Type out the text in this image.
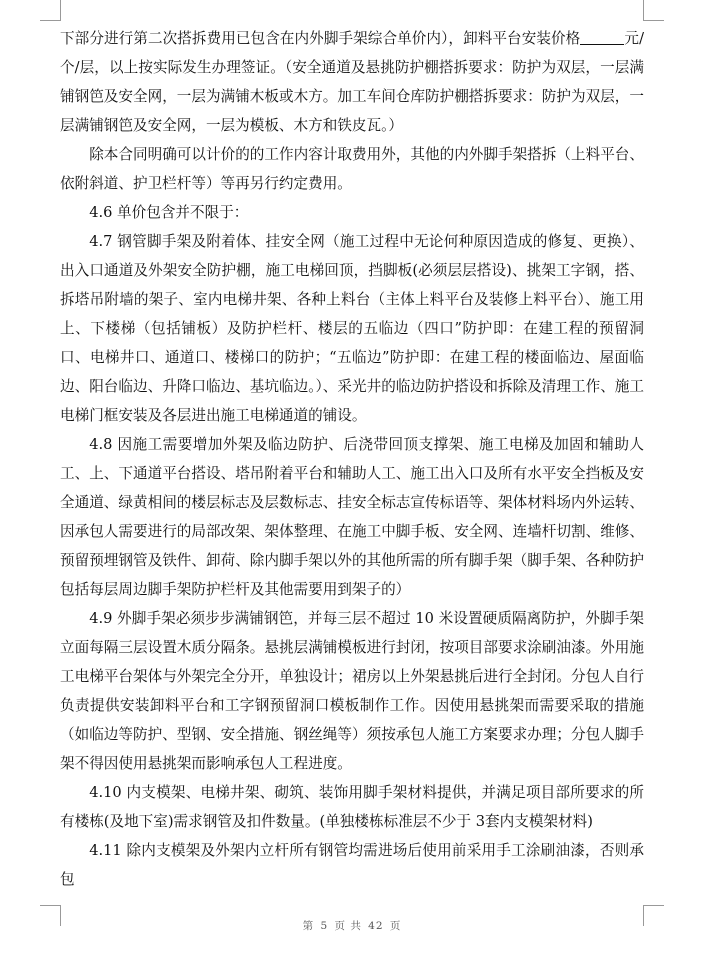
下部分进行第二次搭拆费用已包含在内外脚手架综合单价内），卸料平台安装价格	元/个/层，以上按实际发生办理签证。（安全通道及悬挑防护棚搭拆要求：防护为双层，一层满铺钢笆及安全网，一层为满铺木板或木方。加工车间仓库防护棚搭拆要求：防护为双层，一层满铺钢笆及安全网，一层为模板、木方和铁皮瓦。）

除本合同明确可以计价的的工作内容计取费用外，其他的内外脚手架搭拆（上料平台、依附斜道、护卫栏杆等）等再另行约定费用。

4.6 单价包含并不限于：

4.7 钢管脚手架及附着体、挂安全网（施工过程中无论何种原因造成的修复、更换）、出入口通道及外架安全防护棚，施工电梯回顶，挡脚板(必须层层搭设)、挑架工字钢，搭、拆塔吊附墙的架子、室内电梯井架、各种上料台（主体上料平台及装修上料平台）、施工用上、下楼梯（包括铺板）及防护栏杆、楼层的五临边（四口”防护即：在建工程的预留洞口、电梯井口、通道口、楼梯口的防护；“五临边”防护即：在建工程的楼面临边、屋面临边、阳台临边、升降口临边、基坑临边。）、采光井的临边防护搭设和拆除及清理工作、施工电梯门框安装及各层进出施工电梯通道的铺设。

4.8 因施工需要增加外架及临边防护、后浇带回顶支撑架、施工电梯及加固和辅助人工、上、下通道平台搭设、塔吊附着平台和辅助人工、施工出入口及所有水平安全挡板及安全通道、绿黄相间的楼层标志及层数标志、挂安全标志宣传标语等、架体材料场内外运转、因承包人需要进行的局部改架、架体整理、在施工中脚手板、安全网、连墙杆切割、维修、预留预埋钢管及铁件、卸荷、除内脚手架以外的其他所需的所有脚手架（脚手架、各种防护包括每层周边脚手架防护栏杆及其他需要用到架子的）

4.9 外脚手架必须步步满铺钢笆，并每三层不超过 10 米设置硬质隔离防护，外脚手架立面每隔三层设置木质分隔条。悬挑层满铺模板进行封闭，按项目部要求涂刷油漆。外用施工电梯平台架体与外架完全分开，单独设计；裙房以上外架悬挑后进行全封闭。分包人自行负责提供安装卸料平台和工字钢预留洞口模板制作工作。因使用悬挑架而需要采取的措施（如临边等防护、型钢、安全措施、钢丝绳等）须按承包人施工方案要求办理；分包人脚手架不得因使用悬挑架而影响承包人工程进度。

4.10 内支模架、电梯井架、砌筑、装饰用脚手架材料提供，并满足项目部所要求的所有楼栋(及地下室)需求钢管及扣件数量。(单独楼栋标准层不少于 3套内支模架材料)

4.11 除内支模架及外架内立杆所有钢管均需进场后使用前采用手工涂刷油漆，否则承包

第 5 页 共 42 页
